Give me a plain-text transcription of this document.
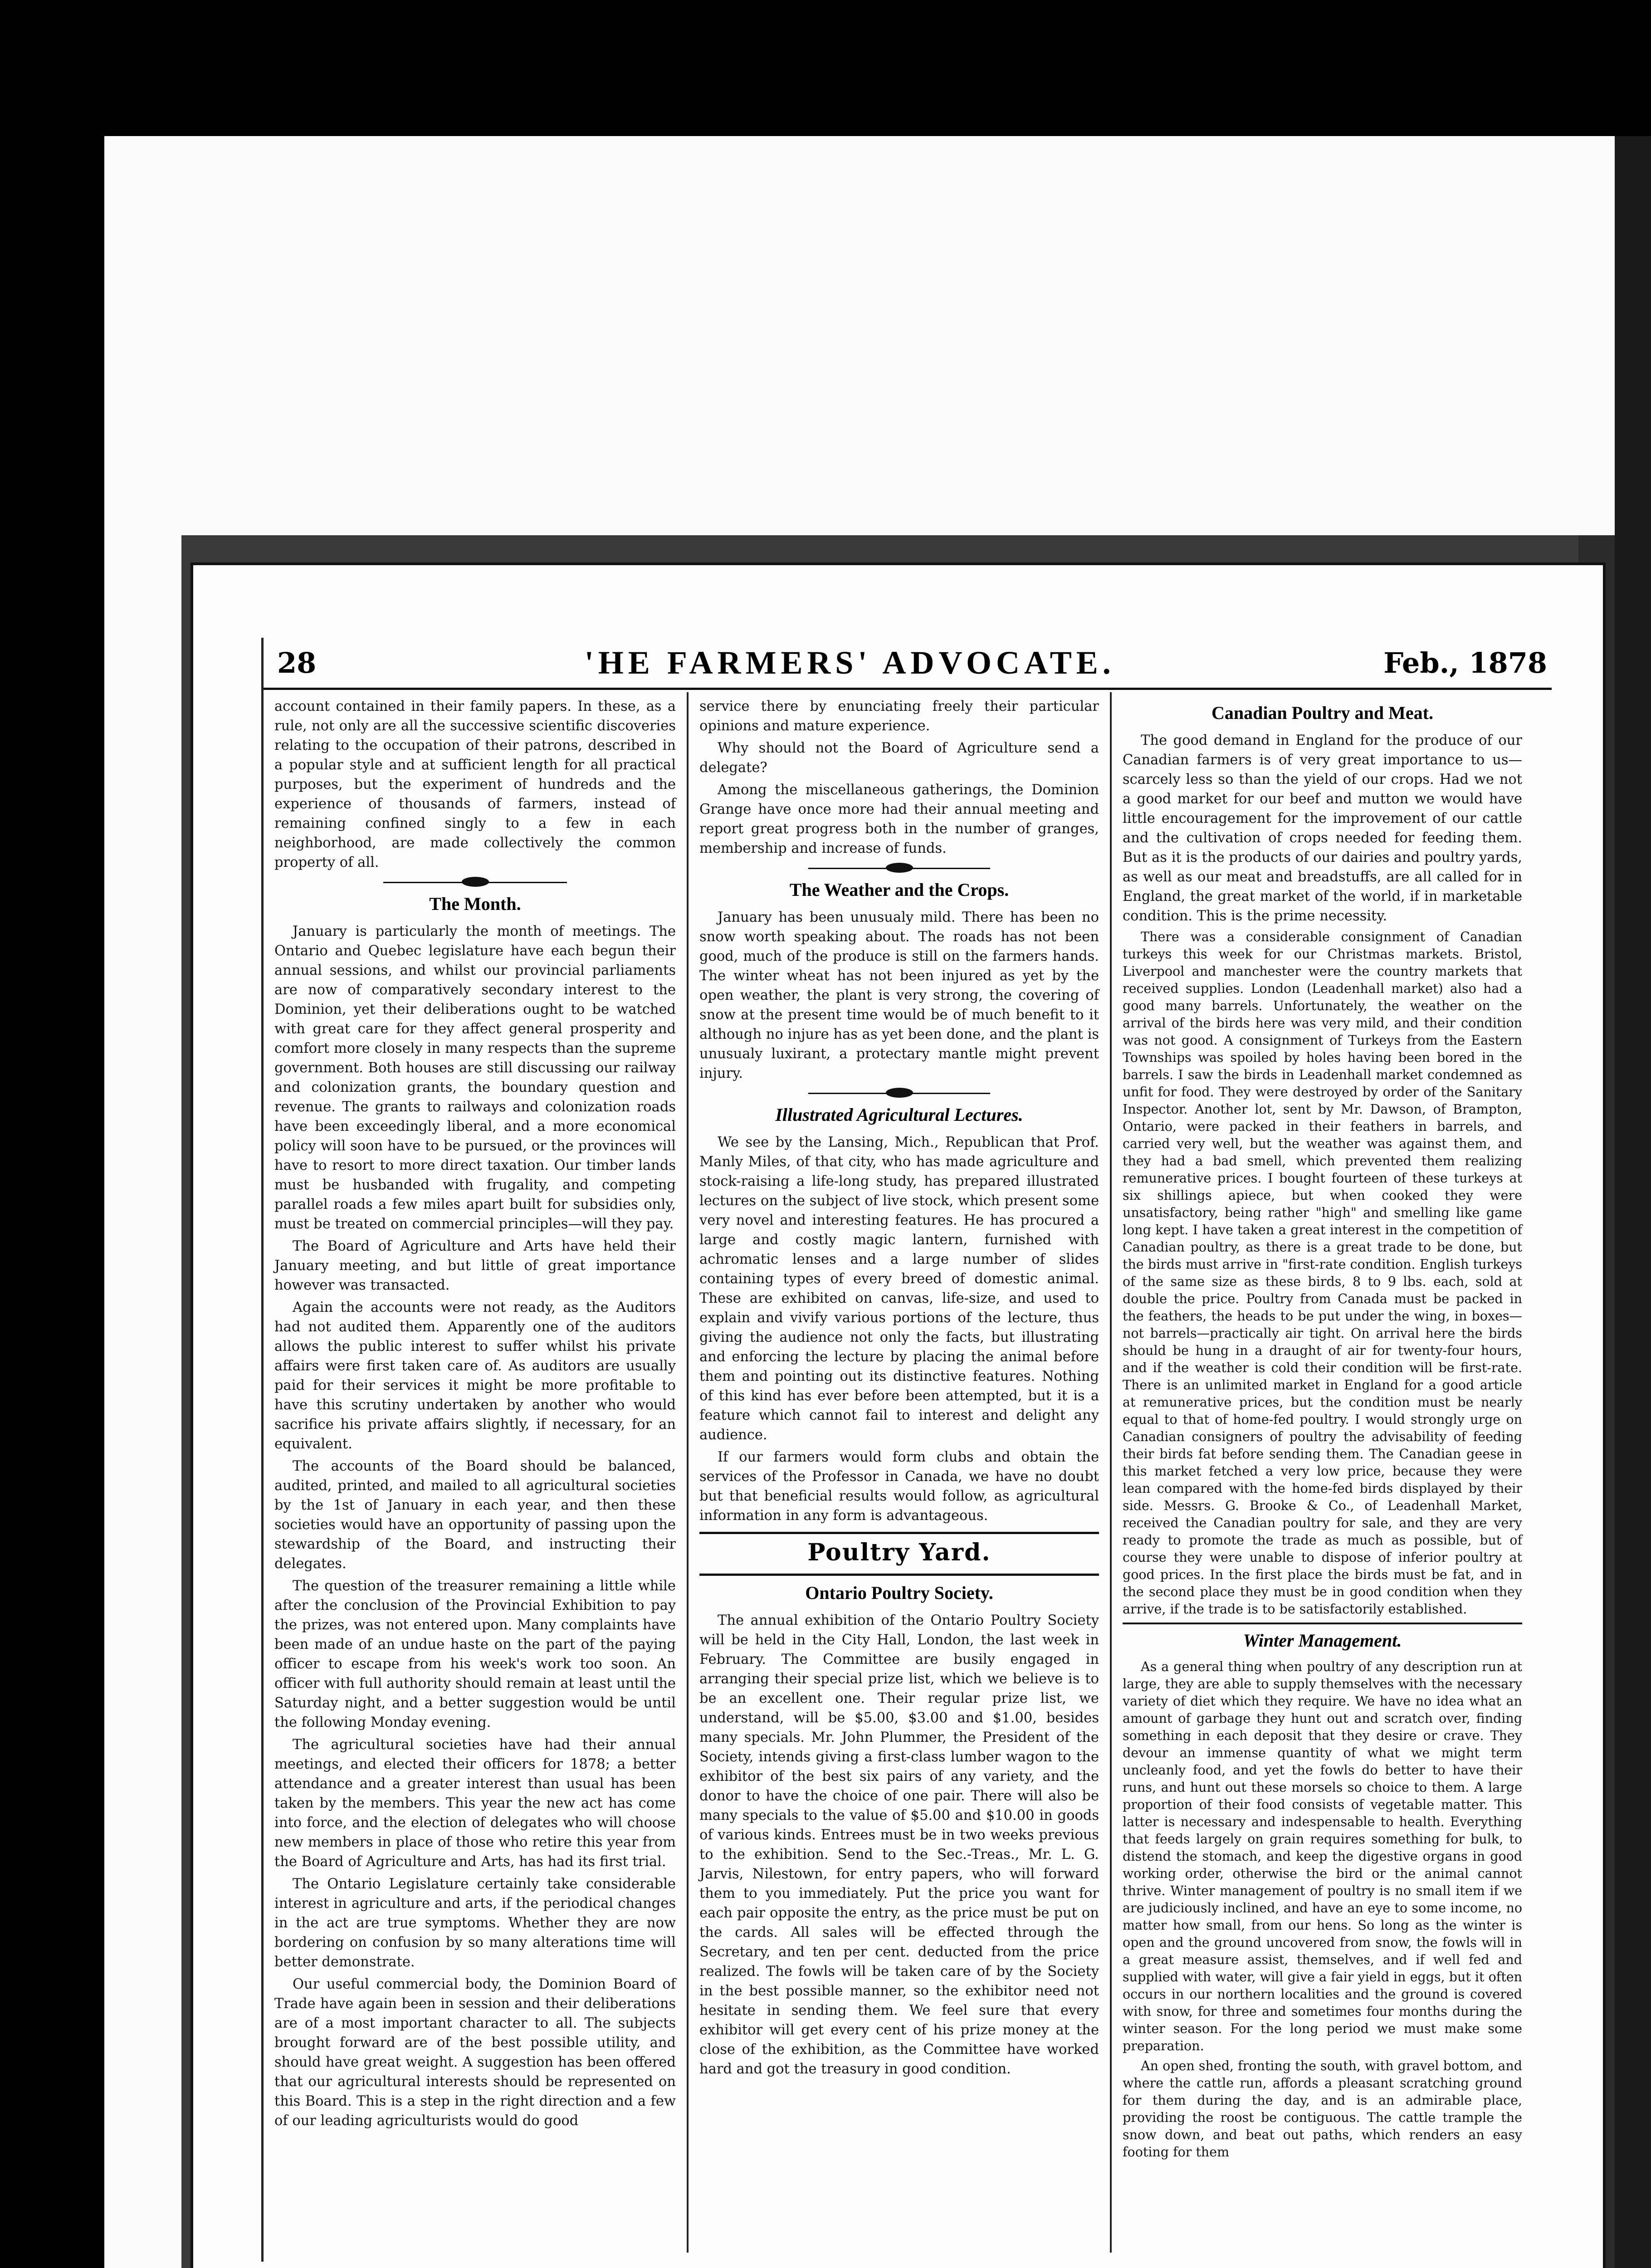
28	'HE FARMERS' ADVOCATE.	Feb., 1878

account contained in their family papers. In these, as a rule, not only are all the successive scientific discoveries relating to the occupation of their patrons, described in a popular style and at sufficient length for all practical purposes, but the experiment of hundreds and the experience of thousands of farmers, instead of remaining confined singly to a few in each neighborhood, are made collectively the common property of all.

The Month.

January is particularly the month of meetings. The Ontario and Quebec legislature have each begun their annual sessions, and whilst our provincial parliaments are now of comparatively secondary interest to the Dominion, yet their deliberations ought to be watched with great care for they affect general prosperity and comfort more closely in many respects than the supreme government. Both houses are still discussing our railway and colonization grants, the boundary question and revenue. The grants to railways and colonization roads have been exceedingly liberal, and a more economical policy will soon have to be pursued, or the provinces will have to resort to more direct taxation. Our timber lands must be husbanded with frugality, and competing parallel roads a few miles apart built for subsidies only, must be treated on commercial principles—will they pay.

The Board of Agriculture and Arts have held their January meeting, and but little of great importance however was transacted.

Again the accounts were not ready, as the Auditors had not audited them. Apparently one of the auditors allows the public interest to suffer whilst his private affairs were first taken care of. As auditors are usually paid for their services it might be more profitable to have this scrutiny undertaken by another who would sacrifice his private affairs slightly, if necessary, for an equivalent.

The accounts of the Board should be balanced, audited, printed, and mailed to all agricultural societies by the 1st of January in each year, and then these societies would have an opportunity of passing upon the stewardship of the Board, and instructing their delegates.

The question of the treasurer remaining a little while after the conclusion of the Provincial Exhibition to pay the prizes, was not entered upon. Many complaints have been made of an undue haste on the part of the paying officer to escape from his week's work too soon. An officer with full authority should remain at least until the Saturday night, and a better suggestion would be until the following Monday evening.

The agricultural societies have had their annual meetings, and elected their officers for 1878; a better attendance and a greater interest than usual has been taken by the members. This year the new act has come into force, and the election of delegates who will choose new members in place of those who retire this year from the Board of Agriculture and Arts, has had its first trial.

The Ontario Legislature certainly take considerable interest in agriculture and arts, if the periodical changes in the act are true symptoms. Whether they are now bordering on confusion by so many alterations time will better demonstrate.

Our useful commercial body, the Dominion Board of Trade have again been in session and their deliberations are of a most important character to all. The subjects brought forward are of the best possible utility, and should have great weight. A suggestion has been offered that our agricultural interests should be represented on this Board. This is a step in the right direction and a few of our leading agriculturists would do good

service there by enunciating freely their particular opinions and mature experience.

Why should not the Board of Agriculture send a delegate?

Among the miscellaneous gatherings, the Dominion Grange have once more had their annual meeting and report great progress both in the number of granges, membership and increase of funds.

The Weather and the Crops.

January has been unusualy mild. There has been no snow worth speaking about. The roads has not been good, much of the produce is still on the farmers hands. The winter wheat has not been injured as yet by the open weather, the plant is very strong, the covering of snow at the present time would be of much benefit to it although no injure has as yet been done, and the plant is unusualy luxirant, a protectary mantle might prevent injury.

Illustrated Agricultural Lectures.

We see by the Lansing, Mich., Republican that Prof. Manly Miles, of that city, who has made agriculture and stock-raising a life-long study, has prepared illustrated lectures on the subject of live stock, which present some very novel and interesting features. He has procured a large and costly magic lantern, furnished with achromatic lenses and a large number of slides containing types of every breed of domestic animal. These are exhibited on canvas, life-size, and used to explain and vivify various portions of the lecture, thus giving the audience not only the facts, but illustrating and enforcing the lecture by placing the animal before them and pointing out its distinctive features. Nothing of this kind has ever before been attempted, but it is a feature which cannot fail to interest and delight any audience.

If our farmers would form clubs and obtain the services of the Professor in Canada, we have no doubt but that beneficial results would follow, as agricultural information in any form is advantageous.

Poultry Yard.
Ontario Poultry Society.

The annual exhibition of the Ontario Poultry Society will be held in the City Hall, London, the last week in February. The Committee are busily engaged in arranging their special prize list, which we believe is to be an excellent one. Their regular prize list, we understand, will be $5.00, $3.00 and $1.00, besides many specials. Mr. John Plummer, the President of the Society, intends giving a first-class lumber wagon to the exhibitor of the best six pairs of any variety, and the donor to have the choice of one pair. There will also be many specials to the value of $5.00 and $10.00 in goods of various kinds. Entrees must be in two weeks previous to the exhibition. Send to the Sec.-Treas., Mr. L. G. Jarvis, Nilestown, for entry papers, who will forward them to you immediately. Put the price you want for each pair opposite the entry, as the price must be put on the cards. All sales will be effected through the Secretary, and ten per cent. deducted from the price realized. The fowls will be taken care of by the Society in the best possible manner, so the exhibitor need not hesitate in sending them. We feel sure that every exhibitor will get every cent of his prize money at the close of the exhibition, as the Committee have worked hard and got the treasury in good condition.

Canadian Poultry and Meat.

The good demand in England for the produce of our Canadian farmers is of very great importance to us—scarcely less so than the yield of our crops. Had we not a good market for our beef and mutton we would have little encouragement for the improvement of our cattle and the cultivation of crops needed for feeding them. But as it is the products of our dairies and poultry yards, as well as our meat and breadstuffs, are all called for in England, the great market of the world, if in marketable condition. This is the prime necessity.

There was a considerable consignment of Canadian turkeys this week for our Christmas markets. Bristol, Liverpool and manchester were the country markets that received supplies. London (Leadenhall market) also had a good many barrels. Unfortunately, the weather on the arrival of the birds here was very mild, and their condition was not good. A consignment of Turkeys from the Eastern Townships was spoiled by holes having been bored in the barrels. I saw the birds in Leadenhall market condemned as unfit for food. They were destroyed by order of the Sanitary Inspector. Another lot, sent by Mr. Dawson, of Brampton, Ontario, were packed in their feathers in barrels, and carried very well, but the weather was against them, and they had a bad smell, which prevented them realizing remunerative prices. I bought fourteen of these turkeys at six shillings apiece, but when cooked they were unsatisfactory, being rather "high" and smelling like game long kept. I have taken a great interest in the competition of Canadian poultry, as there is a great trade to be done, but the birds must arrive in "first-rate condition. English turkeys of the same size as these birds, 8 to 9 lbs. each, sold at double the price. Poultry from Canada must be packed in the feathers, the heads to be put under the wing, in boxes—not barrels—practically air tight. On arrival here the birds should be hung in a draught of air for twenty-four hours, and if the weather is cold their condition will be first-rate. There is an unlimited market in England for a good article at remunerative prices, but the condition must be nearly equal to that of home-fed poultry. I would strongly urge on Canadian consigners of poultry the advisability of feeding their birds fat before sending them. The Canadian geese in this market fetched a very low price, because they were lean compared with the home-fed birds displayed by their side. Messrs. G. Brooke & Co., of Leadenhall Market, received the Canadian poultry for sale, and they are very ready to promote the trade as much as possible, but of course they were unable to dispose of inferior poultry at good prices. In the first place the birds must be fat, and in the second place they must be in good condition when they arrive, if the trade is to be satisfactorily established.

Winter Management.

As a general thing when poultry of any description run at large, they are able to supply themselves with the necessary variety of diet which they require. We have no idea what an amount of garbage they hunt out and scratch over, finding something in each deposit that they desire or crave. They devour an immense quantity of what we might term uncleanly food, and yet the fowls do better to have their runs, and hunt out these morsels so choice to them. A large proportion of their food consists of vegetable matter. This latter is necessary and indespensable to health. Everything that feeds largely on grain requires something for bulk, to distend the stomach, and keep the digestive organs in good working order, otherwise the bird or the animal cannot thrive. Winter management of poultry is no small item if we are judiciously inclined, and have an eye to some income, no matter how small, from our hens. So long as the winter is open and the ground uncovered from snow, the fowls will in a great measure assist, themselves, and if well fed and supplied with water, will give a fair yield in eggs, but it often occurs in our northern localities and the ground is covered with snow, for three and sometimes four months during the winter season. For the long period we must make some preparation.

An open shed, fronting the south, with gravel bottom, and where the cattle run, affords a pleasant scratching ground for them during the day, and is an admirable place, providing the roost be contiguous. The cattle trample the snow down, and beat out paths, which renders an easy footing for them
